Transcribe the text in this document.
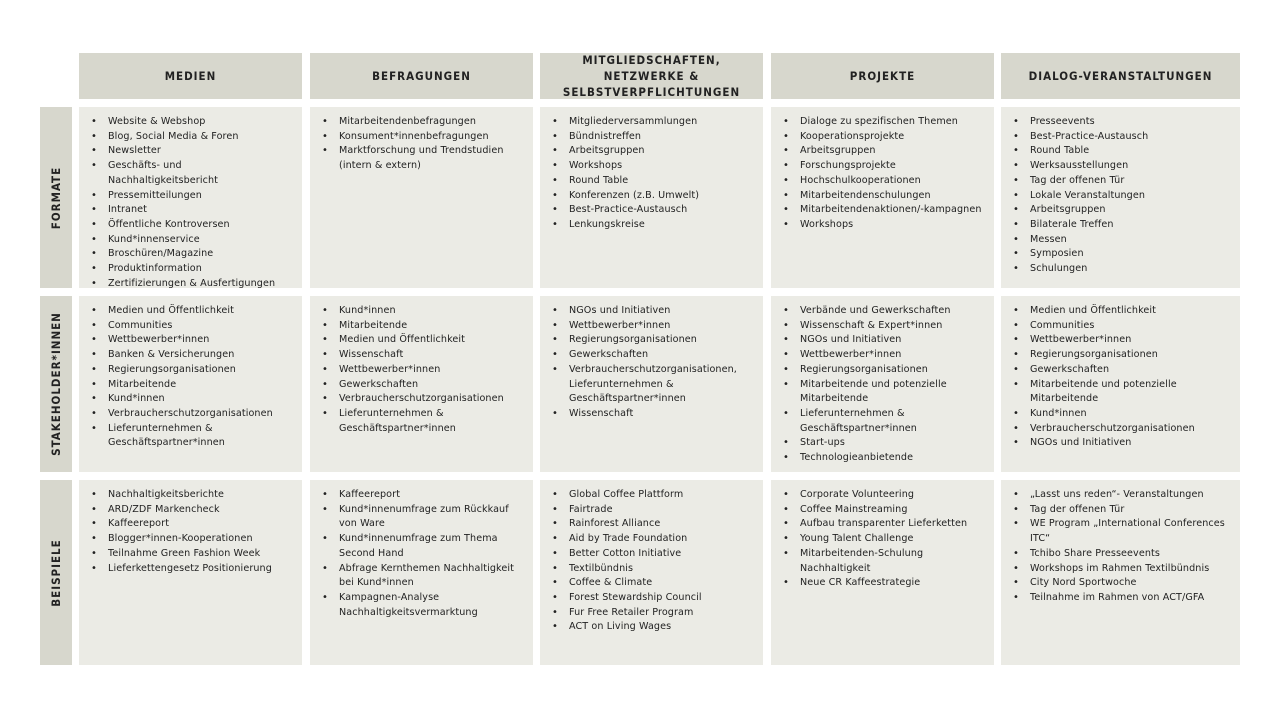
MEDIEN	BEFRAGUNGEN
MITGLIEDSCHAFTEN, NETZWERKE & SELBSTVERPFLICHTUNGEN
PROJEKTE	DIALOG-VERANSTALTUNGEN
FORMATE
STAKEHOLDER*INNEN
BEISPIELE
• Website & Webshop
• Blog, Social Media & Foren
• Newsletter
• Geschäfts- und Nachhaltigkeitsbericht
• Pressemitteilungen
• Intranet
• Öffentliche Kontroversen
• Kund*innenservice
• Broschüren/Magazine
• Produktinformation
• Zertifizierungen & Ausfertigungen
• Mitarbeitendenbefragungen
• Konsument*innenbefragungen
• Marktforschung und Trendstudien (intern & extern)
• Mitgliederversammlungen
• Bündnistreffen
• Arbeitsgruppen
• Workshops
• Round Table
• Konferenzen (z.B. Umwelt)
• Best-Practice-Austausch
• Lenkungskreise
• Dialoge zu spezifischen Themen
• Kooperationsprojekte
• Arbeitsgruppen
• Forschungsprojekte
• Hochschulkooperationen
• Mitarbeitendenschulungen
• Mitarbeitendenaktionen/-kampagnen
• Workshops
• Presseevents
• Best-Practice-Austausch
• Round Table
• Werksausstellungen
• Tag der offenen Tür
• Lokale Veranstaltungen
• Arbeitsgruppen
• Bilaterale Treffen
• Messen
• Symposien
• Schulungen
• Medien und Öffentlichkeit
• Communities
• Wettbewerber*innen
• Banken & Versicherungen
• Regierungsorganisationen
• Mitarbeitende
• Kund*innen
• Verbraucherschutzorganisationen
• Lieferunternehmen & Geschäftspartner*innen
• Kund*innen
• Mitarbeitende
• Medien und Öffentlichkeit
• Wissenschaft
• Wettbewerber*innen
• Gewerkschaften
• Verbraucherschutzorganisationen
• Lieferunternehmen & Geschäftspartner*innen
• NGOs und Initiativen
• Wettbewerber*innen
• Regierungsorganisationen
• Gewerkschaften
• Verbraucherschutzorganisationen, Lieferunternehmen & Geschäftspartner*innen
• Wissenschaft
• Verbände und Gewerkschaften
• Wissenschaft & Expert*innen
• NGOs und Initiativen
• Wettbewerber*innen
• Regierungsorganisationen
• Mitarbeitende und potenzielle Mitarbeitende
• Lieferunternehmen & Geschäftspartner*innen
• Start-ups
• Technologieanbietende
• Medien und Öffentlichkeit
• Communities
• Wettbewerber*innen
• Regierungsorganisationen
• Gewerkschaften
• Mitarbeitende und potenzielle Mitarbeitende
• Kund*innen
• Verbraucherschutzorganisationen
• NGOs und Initiativen
• Nachhaltigkeitsberichte
• ARD/ZDF Markencheck
• Kaffeereport
• Blogger*innen-Kooperationen
• Teilnahme Green Fashion Week
• Lieferkettengesetz Positionierung
• Kaffeereport
• Kund*innenumfrage zum Rückkauf von Ware
• Kund*innenumfrage zum Thema Second Hand
• Abfrage Kernthemen Nachhaltigkeit bei Kund*innen
• Kampagnen-Analyse Nachhaltigkeitsvermarktung
• Global Coffee Plattform
• Fairtrade
• Rainforest Alliance
• Aid by Trade Foundation
• Better Cotton Initiative
• Textilbündnis
• Coffee & Climate
• Forest Stewardship Council
• Fur Free Retailer Program
• ACT on Living Wages
• Corporate Volunteering
• Coffee Mainstreaming
• Aufbau transparenter Lieferketten
• Young Talent Challenge
• Mitarbeitenden-Schulung Nachhaltigkeit
• Neue CR Kaffeestrategie
• „Lasst uns reden“- Veranstaltungen
• Tag der offenen Tür
• WE Program „International Conferences ITC“
• Tchibo Share Presseevents
• Workshops im Rahmen Textilbündnis
• City Nord Sportwoche
• Teilnahme im Rahmen von ACT/GFA
